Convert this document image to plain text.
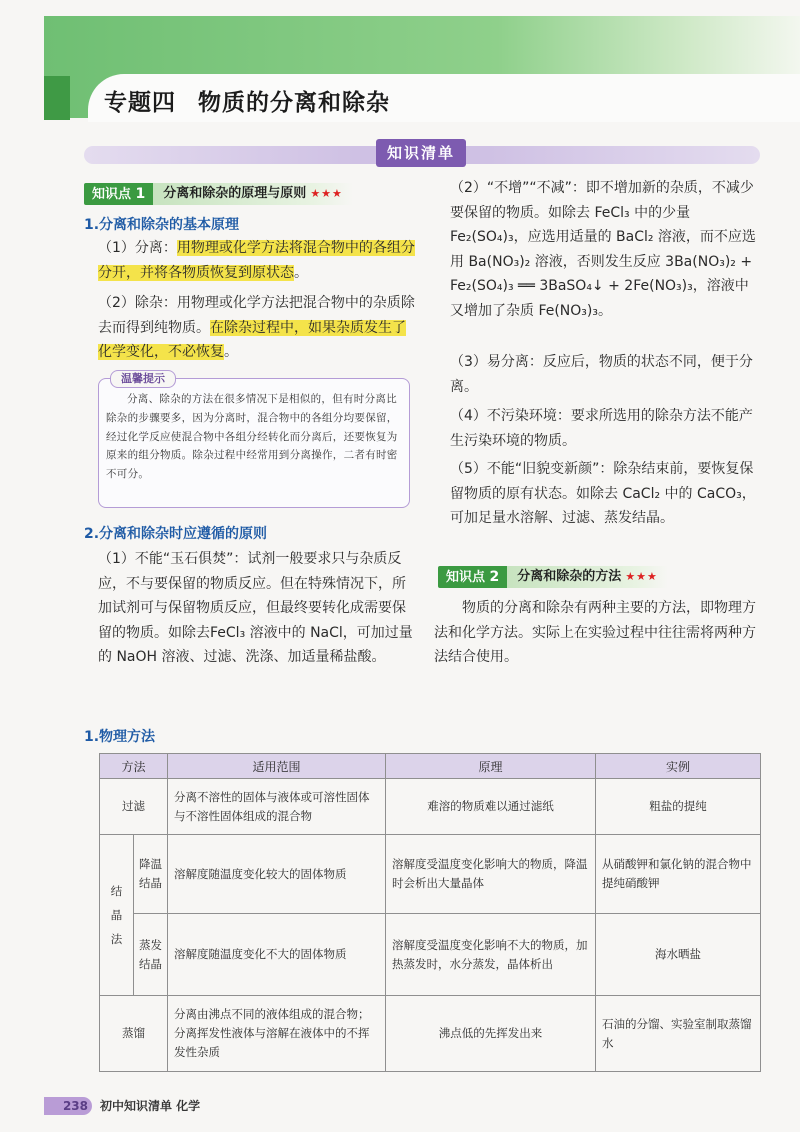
专题四 物质的分离和除杂
知识清单
知识点 1	分离和除杂的原理与原则 ★★★
1.分离和除杂的基本原理
（1）分离：用物理或化学方法将混合物中的各组分分开，并将各物质恢复到原状态。
（2）除杂：用物理或化学方法把混合物中的杂质除去而得到纯物质。在除杂过程中，如果杂质发生了化学变化，不必恢复。
温馨提示
分离、除杂的方法在很多情况下是相似的，但有时分离比除杂的步骤要多，因为分离时，混合物中的各组分均要保留，经过化学反应使混合物中各组分经转化而分离后，还要恢复为原来的组分物质。除杂过程中经常用到分离操作，二者有时密不可分。
2.分离和除杂时应遵循的原则
（1）不能“玉石俱焚”：试剂一般要求只与杂质反应，不与要保留的物质反应。但在特殊情况下，所加试剂可与保留物质反应，但最终要转化成需要保留的物质。如除去FeCl₃ 溶液中的 NaCl，可加过量的 NaOH 溶液、过滤、洗涤、加适量稀盐酸。
（2）“不增”“不减”：即不增加新的杂质，不减少要保留的物质。如除去 FeCl₃ 中的少量 Fe₂(SO₄)₃，应选用适量的 BaCl₂ 溶液，而不应选用 Ba(NO₃)₂ 溶液，否则发生反应 3Ba(NO₃)₂ + Fe₂(SO₄)₃ ══ 3BaSO₄↓ + 2Fe(NO₃)₃，溶液中又增加了杂质 Fe(NO₃)₃。
（3）易分离：反应后，物质的状态不同，便于分离。
（4）不污染环境：要求所选用的除杂方法不能产生污染环境的物质。
（5）不能“旧貌变新颜”：除杂结束前，要恢复保留物质的原有状态。如除去 CaCl₂ 中的 CaCO₃，可加足量水溶解、过滤、蒸发结晶。
知识点 2	分离和除杂的方法 ★★★
物质的分离和除杂有两种主要的方法，即物理方法和化学方法。实际上在实验过程中往往需将两种方法结合使用。
1.物理方法
方法		适用范围	原理	实例
过滤		分离不溶性的固体与液体或可溶性固体与不溶性固体组成的混合物	难溶的物质难以通过滤纸	粗盐的提纯
结晶法	降温结晶	溶解度随温度变化较大的固体物质	溶解度受温度变化影响大的物质，降温时会析出大量晶体	从硝酸钾和氯化钠的混合物中提纯硝酸钾
	蒸发结晶	溶解度随温度变化不大的固体物质	溶解度受温度变化影响不大的物质，加热蒸发时，水分蒸发，晶体析出	海水晒盐
蒸馏		分离由沸点不同的液体组成的混合物；分离挥发性液体与溶解在液体中的不挥发性杂质	沸点低的先挥发出来	石油的分馏、实验室制取蒸馏水
238	初中知识清单 化学
